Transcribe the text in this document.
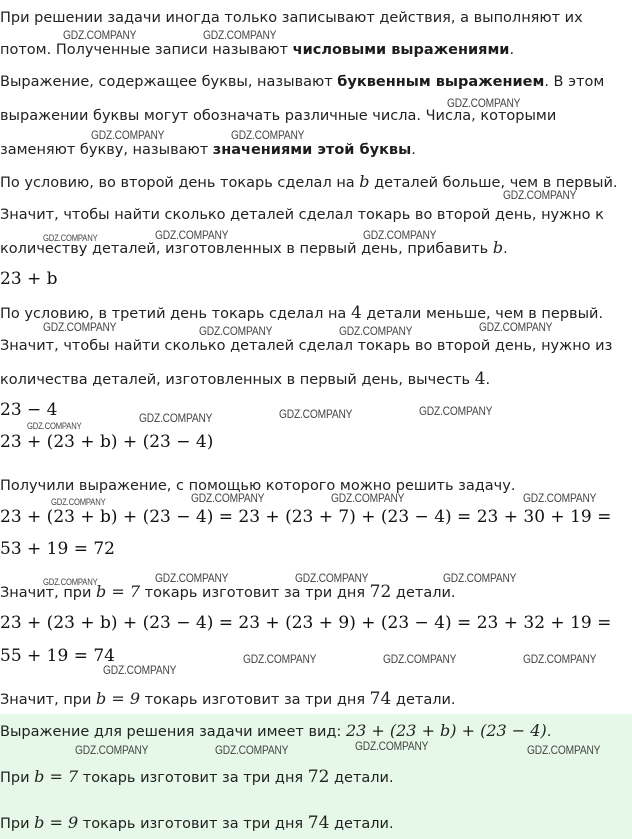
При решении задачи иногда только записывают действия, а выполняют их

потом. Полученные записи называют числовыми выражениями.

Выражение, содержащее буквы, называют буквенным выражением. В этом

выражении буквы могут обозначать различные числа. Числа, которыми

заменяют букву, называют значениями этой буквы.

По условию, во второй день токарь сделал на b деталей больше, чем в первый.

Значит, чтобы найти сколько деталей сделал токарь во второй день, нужно к

количеству деталей, изготовленных в первый день, прибавить b.

23 + b

По условию, в третий день токарь сделал на 4 детали меньше, чем в первый.

Значит, чтобы найти сколько деталей сделал токарь во второй день, нужно из

количества деталей, изготовленных в первый день, вычесть 4.

23 − 4

23 + (23 + b) + (23 − 4)

Получили выражение, с помощью которого можно решить задачу.

23 + (23 + b) + (23 − 4) = 23 + (23 + 7) + (23 − 4) = 23 + 30 + 19 =

53 + 19 = 72

Значит, при b = 7 токарь изготовит за три дня 72 детали.

23 + (23 + b) + (23 − 4) = 23 + (23 + 9) + (23 − 4) = 23 + 32 + 19 =

55 + 19 = 74

Значит, при b = 9 токарь изготовит за три дня 74 детали.

Выражение для решения задачи имеет вид: 23 + (23 + b) + (23 − 4).

При b = 7 токарь изготовит за три дня 72 детали.

При b = 9 токарь изготовит за три дня 74 детали.

GDZ.COMPANY	GDZ.COMPANY
GDZ.COMPANY
GDZ.COMPANY	GDZ.COMPANY
GDZ.COMPANY
GDZ.COMPANY	GDZ.COMPANY	GDZ.COMPANY
GDZ.COMPANY	GDZ.COMPANY	GDZ.COMPANY	GDZ.COMPANY
GDZ.COMPANY
GDZ.COMPANY	GDZ.COMPANY	GDZ.COMPANY
GDZ.COMPANY	GDZ.COMPANY	GDZ.COMPANY	GDZ.COMPANY
GDZ.COMPANY	GDZ.COMPANY	GDZ.COMPANY	GDZ.COMPANY
GDZ.COMPANY
GDZ.COMPANY	GDZ.COMPANY	GDZ.COMPANY
GDZ.COMPANY	GDZ.COMPANY	GDZ.COMPANY	GDZ.COMPANY
